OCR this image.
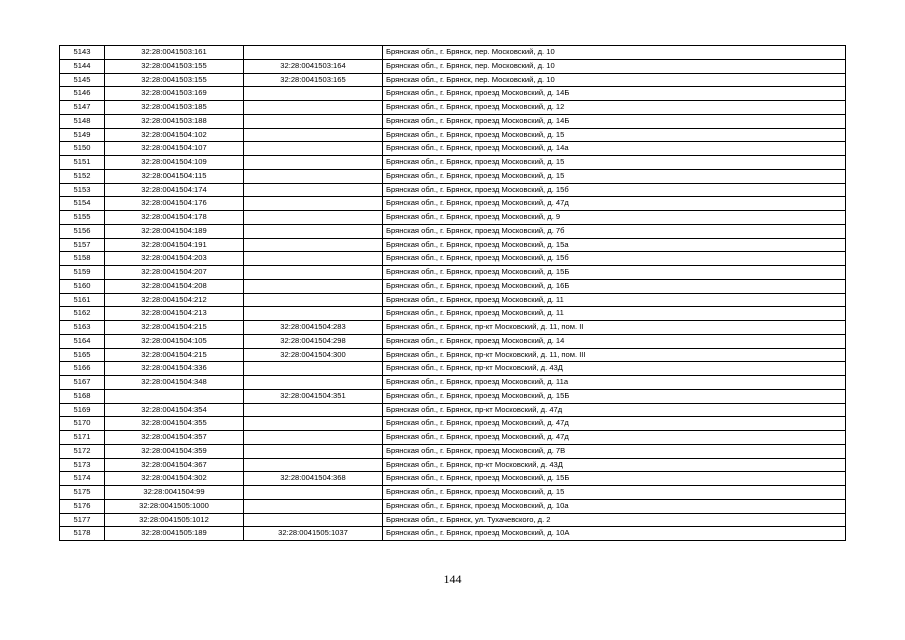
5143	32:28:0041503:161		Брянская обл., г. Брянск, пер. Московский, д. 10
5144	32:28:0041503:155	32:28:0041503:164	Брянская обл., г. Брянск, пер. Московский, д. 10
5145	32:28:0041503:155	32:28:0041503:165	Брянская обл., г. Брянск, пер. Московский, д. 10
5146	32:28:0041503:169		Брянская обл., г. Брянск, проезд Московский, д. 14Б
5147	32:28:0041503:185		Брянская обл., г. Брянск, проезд Московский, д. 12
5148	32:28:0041503:188		Брянская обл., г. Брянск, проезд Московский, д. 14Б
5149	32:28:0041504:102		Брянская обл., г. Брянск, проезд Московский, д. 15
5150	32:28:0041504:107		Брянская обл., г. Брянск, проезд Московский, д. 14а
5151	32:28:0041504:109		Брянская обл., г. Брянск, проезд Московский, д. 15
5152	32:28:0041504:115		Брянская обл., г. Брянск, проезд Московский, д. 15
5153	32:28:0041504:174		Брянская обл., г. Брянск, проезд Московский, д. 15б
5154	32:28:0041504:176		Брянская обл., г. Брянск, проезд Московский, д. 47д
5155	32:28:0041504:178		Брянская обл., г. Брянск, проезд Московский, д. 9
5156	32:28:0041504:189		Брянская обл., г. Брянск, проезд Московский, д. 7б
5157	32:28:0041504:191		Брянская обл., г. Брянск, проезд Московский, д. 15а
5158	32:28:0041504:203		Брянская обл., г. Брянск, проезд Московский, д. 15б
5159	32:28:0041504:207		Брянская обл., г. Брянск, проезд Московский, д. 15Б
5160	32:28:0041504:208		Брянская обл., г. Брянск, проезд Московский, д. 16Б
5161	32:28:0041504:212		Брянская обл., г. Брянск, проезд Московский, д. 11
5162	32:28:0041504:213		Брянская обл., г. Брянск, проезд Московский, д. 11
5163	32:28:0041504:215	32:28:0041504:283	Брянская обл., г. Брянск, пр-кт Московский, д. 11, пом. II
5164	32:28:0041504:105	32:28:0041504:298	Брянская обл., г. Брянск, проезд Московский, д. 14
5165	32:28:0041504:215	32:28:0041504:300	Брянская обл., г. Брянск, пр-кт Московский, д. 11, пом. III
5166	32:28:0041504:336		Брянская обл., г. Брянск, пр-кт Московский, д. 43Д
5167	32:28:0041504:348		Брянская обл., г. Брянск, проезд Московский, д. 11а
5168		32:28:0041504:351	Брянская обл., г. Брянск, проезд Московский, д. 15Б
5169	32:28:0041504:354		Брянская обл., г. Брянск, пр-кт Московский, д. 47д
5170	32:28:0041504:355		Брянская обл., г. Брянск, проезд Московский, д. 47д
5171	32:28:0041504:357		Брянская обл., г. Брянск, проезд Московский, д. 47д
5172	32:28:0041504:359		Брянская обл., г. Брянск, проезд Московский, д. 7В
5173	32:28:0041504:367		Брянская обл., г. Брянск, пр-кт Московский, д. 43Д
5174	32:28:0041504:302	32:28:0041504:368	Брянская обл., г. Брянск, проезд Московский, д. 15Б
5175	32:28:0041504:99		Брянская обл., г. Брянск, проезд Московский, д. 15
5176	32:28:0041505:1000		Брянская обл., г. Брянск, проезд Московский, д. 10а
5177	32:28:0041505:1012		Брянская обл., г. Брянск, ул. Тухачевского, д. 2
5178	32:28:0041505:189	32:28:0041505:1037	Брянская обл., г. Брянск, проезд Московский, д. 10А
144
